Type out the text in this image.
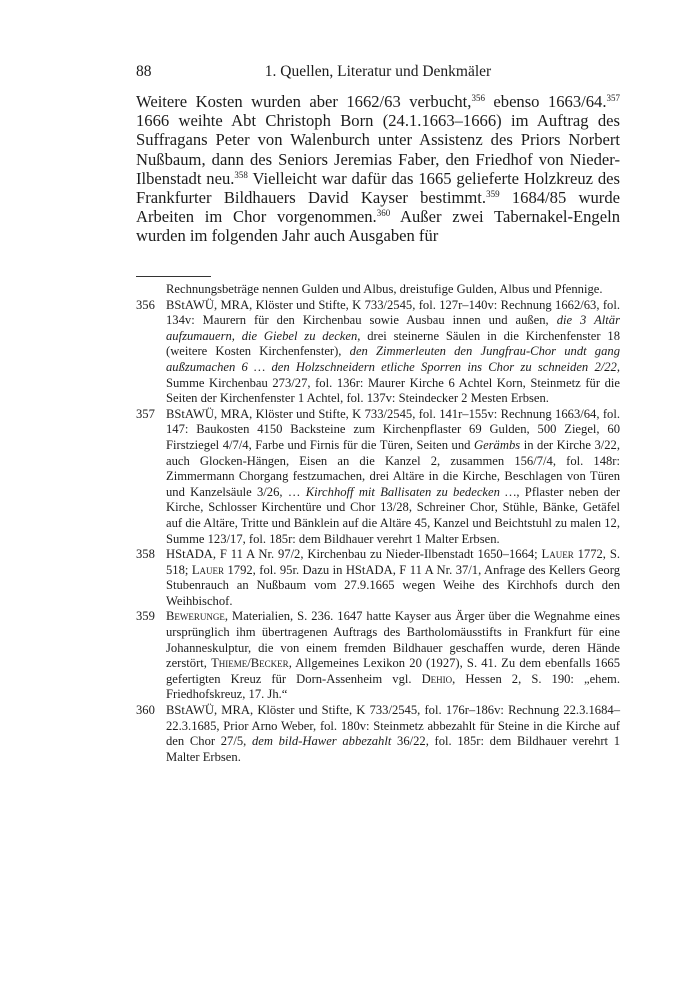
88	1. Quellen, Literatur und Denkmäler

Weitere Kosten wurden aber 1662/63 verbucht,$^{356}$ ebenso 1663/64.$^{357}$ 1666 weihte Abt Christoph Born (24.1.1663–1666) im Auftrag des Suffragans Peter von Walenburch unter Assistenz des Priors Norbert Nußbaum, dann des Seniors Jeremias Faber, den Friedhof von Nieder-Ilbenstadt neu.$^{358}$ Vielleicht war dafür das 1665 gelieferte Holzkreuz des Frankfurter Bildhauers David Kayser bestimmt.$^{359}$ 1684/85 wurde Arbeiten im Chor vorgenommen.$^{360}$ Außer zwei Tabernakel-Engeln wurden im folgenden Jahr auch Ausgaben für

Rechnungsbeträge nennen Gulden und Albus, dreistufige Gulden, Albus und Pfennige.

356 BStAWÜ, MRA, Klöster und Stifte, K 733/2545, fol. 127r–140v: Rechnung 1662/63, fol. 134v: Maurern für den Kirchenbau sowie Ausbau innen und außen, die 3 Altär aufzumauern, die Giebel zu decken, drei steinerne Säulen in die Kirchenfenster 18 (weitere Kosten Kirchenfenster), den Zimmerleuten den Jungfrau-Chor undt gang außzumachen 6 … den Holzschneidern etliche Sporren ins Chor zu schneiden 2/22, Summe Kirchenbau 273/27, fol. 136r: Maurer Kirche 6 Achtel Korn, Steinmetz für die Seiten der Kirchenfenster 1 Achtel, fol. 137v: Steindecker 2 Mesten Erbsen.

357 BStAWÜ, MRA, Klöster und Stifte, K 733/2545, fol. 141r–155v: Rechnung 1663/64, fol. 147: Baukosten 4150 Backsteine zum Kirchenpflaster 69 Gulden, 500 Ziegel, 60 Firstziegel 4/7/4, Farbe und Firnis für die Türen, Seiten und Gerämbs in der Kirche 3/22, auch Glocken-Hängen, Eisen an die Kanzel 2, zusammen 156/7/4, fol. 148r: Zimmermann Chorgang festzumachen, drei Altäre in die Kirche, Beschlagen von Türen und Kanzelsäule 3/26, … Kirchhoff mit Ballisaten zu bedecken …, Pflaster neben der Kirche, Schlosser Kirchentüre und Chor 13/28, Schreiner Chor, Stühle, Bänke, Getäfel auf die Altäre, Tritte und Bänklein auf die Altäre 45, Kanzel und Beichtstuhl zu malen 12, Summe 123/17, fol. 185r: dem Bildhauer verehrt 1 Malter Erbsen.

358 HStADA, F 11 A Nr. 97/2, Kirchenbau zu Nieder-Ilbenstadt 1650–1664; Lauer 1772, S. 518; Lauer 1792, fol. 95r. Dazu in HStADA, F 11 A Nr. 37/1, Anfrage des Kellers Georg Stubenrauch an Nußbaum vom 27.9.1665 wegen Weihe des Kirchhofs durch den Weihbischof.

359 Bewerunge, Materialien, S. 236. 1647 hatte Kayser aus Ärger über die Wegnahme eines ursprünglich ihm übertragenen Auftrags des Bartholomäusstifts in Frankfurt für eine Johanneskulptur, die von einem fremden Bildhauer geschaffen wurde, deren Hände zerstört, Thieme/Becker, Allgemeines Lexikon 20 (1927), S. 41. Zu dem ebenfalls 1665 gefertigten Kreuz für Dorn-Assenheim vgl. Dehio, Hessen 2, S. 190: „ehem. Friedhofskreuz, 17. Jh.“

360 BStAWÜ, MRA, Klöster und Stifte, K 733/2545, fol. 176r–186v: Rechnung 22.3.1684–22.3.1685, Prior Arno Weber, fol. 180v: Steinmetz abbezahlt für Steine in die Kirche auf den Chor 27/5, dem bild-Hawer abbezahlt 36/22, fol. 185r: dem Bildhauer verehrt 1 Malter Erbsen.
